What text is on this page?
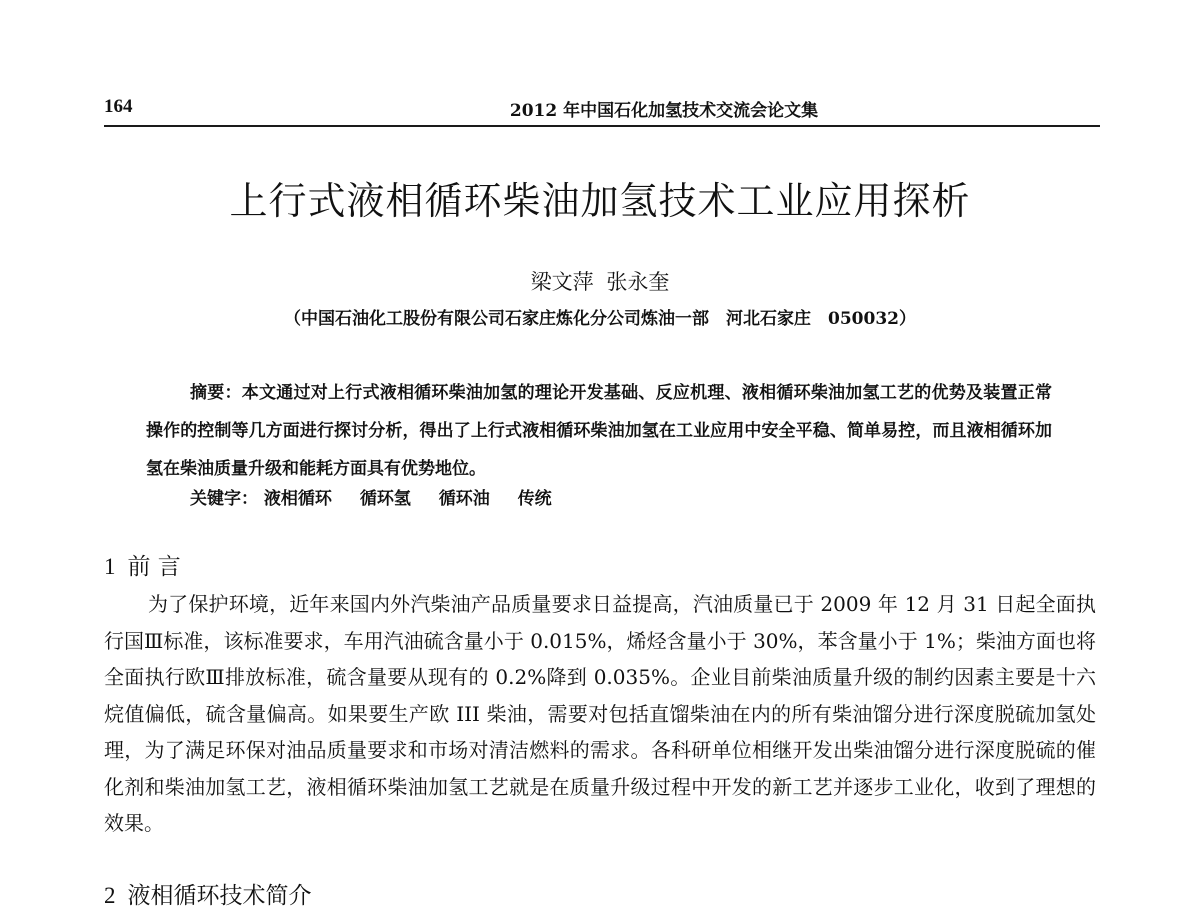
164	2012 年中国石化加氢技术交流会论文集
上行式液相循环柴油加氢技术工业应用探析
梁文萍 张永奎
（中国石油化工股份有限公司石家庄炼化分公司炼油一部　河北石家庄　050032）
摘要：本文通过对上行式液相循环柴油加氢的理论开发基础、反应机理、液相循环柴油加氢工艺的优势及装置正常操作的控制等几方面进行探讨分析，得出了上行式液相循环柴油加氢在工业应用中安全平稳、简单易控，而且液相循环加氢在柴油质量升级和能耗方面具有优势地位。
关键字： 液相循环 循环氢 循环油 传统
1 前 言
为了保护环境，近年来国内外汽柴油产品质量要求日益提高，汽油质量已于 2009 年 12 月 31 日起全面执行国Ⅲ标准，该标准要求，车用汽油硫含量小于 0.015%，烯烃含量小于 30%，苯含量小于 1%；柴油方面也将全面执行欧Ⅲ排放标准，硫含量要从现有的 0.2%降到 0.035%。企业目前柴油质量升级的制约因素主要是十六烷值偏低，硫含量偏高。如果要生产欧 III 柴油，需要对包括直馏柴油在内的所有柴油馏分进行深度脱硫加氢处理，为了满足环保对油品质量要求和市场对清洁燃料的需求。各科研单位相继开发出柴油馏分进行深度脱硫的催化剂和柴油加氢工艺，液相循环柴油加氢工艺就是在质量升级过程中开发的新工艺并逐步工业化，收到了理想的效果。
2 液相循环技术简介
